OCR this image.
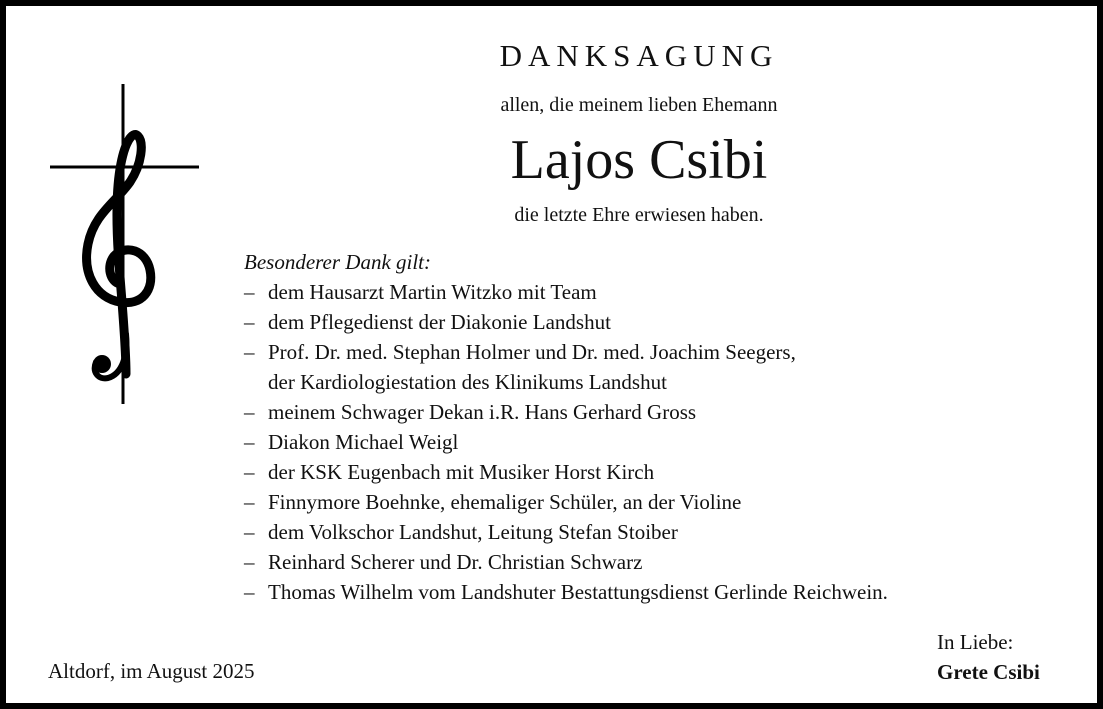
DANKSAGUNG
allen, die meinem lieben Ehemann
Lajos Csibi
die letzte Ehre erwiesen haben.
Besonderer Dank gilt:
– dem Hausarzt Martin Witzko mit Team
– dem Pflegedienst der Diakonie Landshut
– Prof. Dr. med. Stephan Holmer und Dr. med. Joachim Seegers,
der Kardiologiestation des Klinikums Landshut
– meinem Schwager Dekan i.R. Hans Gerhard Gross
– Diakon Michael Weigl
– der KSK Eugenbach mit Musiker Horst Kirch
– Finnymore Boehnke, ehemaliger Schüler, an der Violine
– dem Volkschor Landshut, Leitung Stefan Stoiber
– Reinhard Scherer und Dr. Christian Schwarz
– Thomas Wilhelm vom Landshuter Bestattungsdienst Gerlinde Reichwein.
Altdorf, im August 2025
In Liebe:
Grete Csibi
